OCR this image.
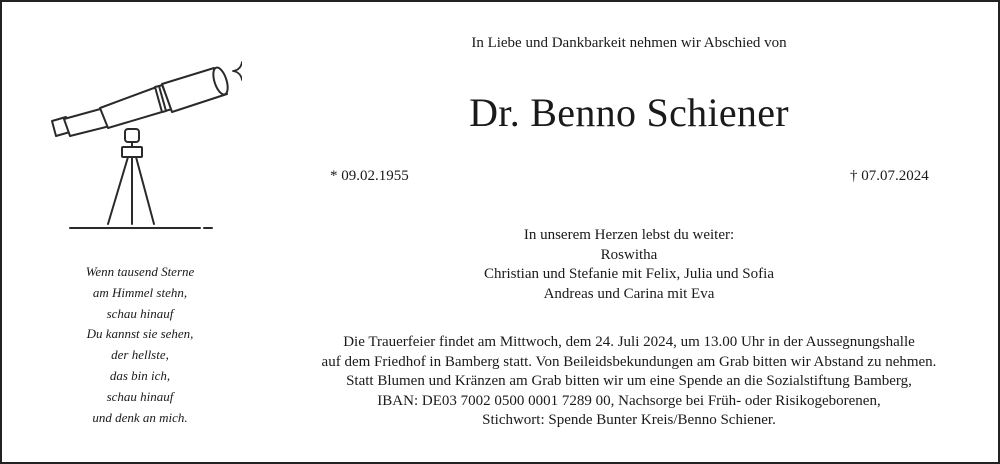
In Liebe und Dankbarkeit nehmen wir Abschied von
Dr. Benno Schiener
* 09.02.1955	† 07.07.2024
In unserem Herzen lebst du weiter:
Roswitha
Christian und Stefanie mit Felix, Julia und Sofia
Andreas und Carina mit Eva
Die Trauerfeier findet am Mittwoch, dem 24. Juli 2024, um 13.00 Uhr in der Aussegnungshalle
auf dem Friedhof in Bamberg statt. Von Beileidsbekundungen am Grab bitten wir Abstand zu nehmen.
Statt Blumen und Kränzen am Grab bitten wir um eine Spende an die Sozialstiftung Bamberg,
IBAN: DE03 7002 0500 0001 7289 00, Nachsorge bei Früh- oder Risikogeborenen,
Stichwort: Spende Bunter Kreis/Benno Schiener.
Wenn tausend Sterne
am Himmel stehn,
schau hinauf
Du kannst sie sehen,
der hellste,
das bin ich,
schau hinauf
und denk an mich.
